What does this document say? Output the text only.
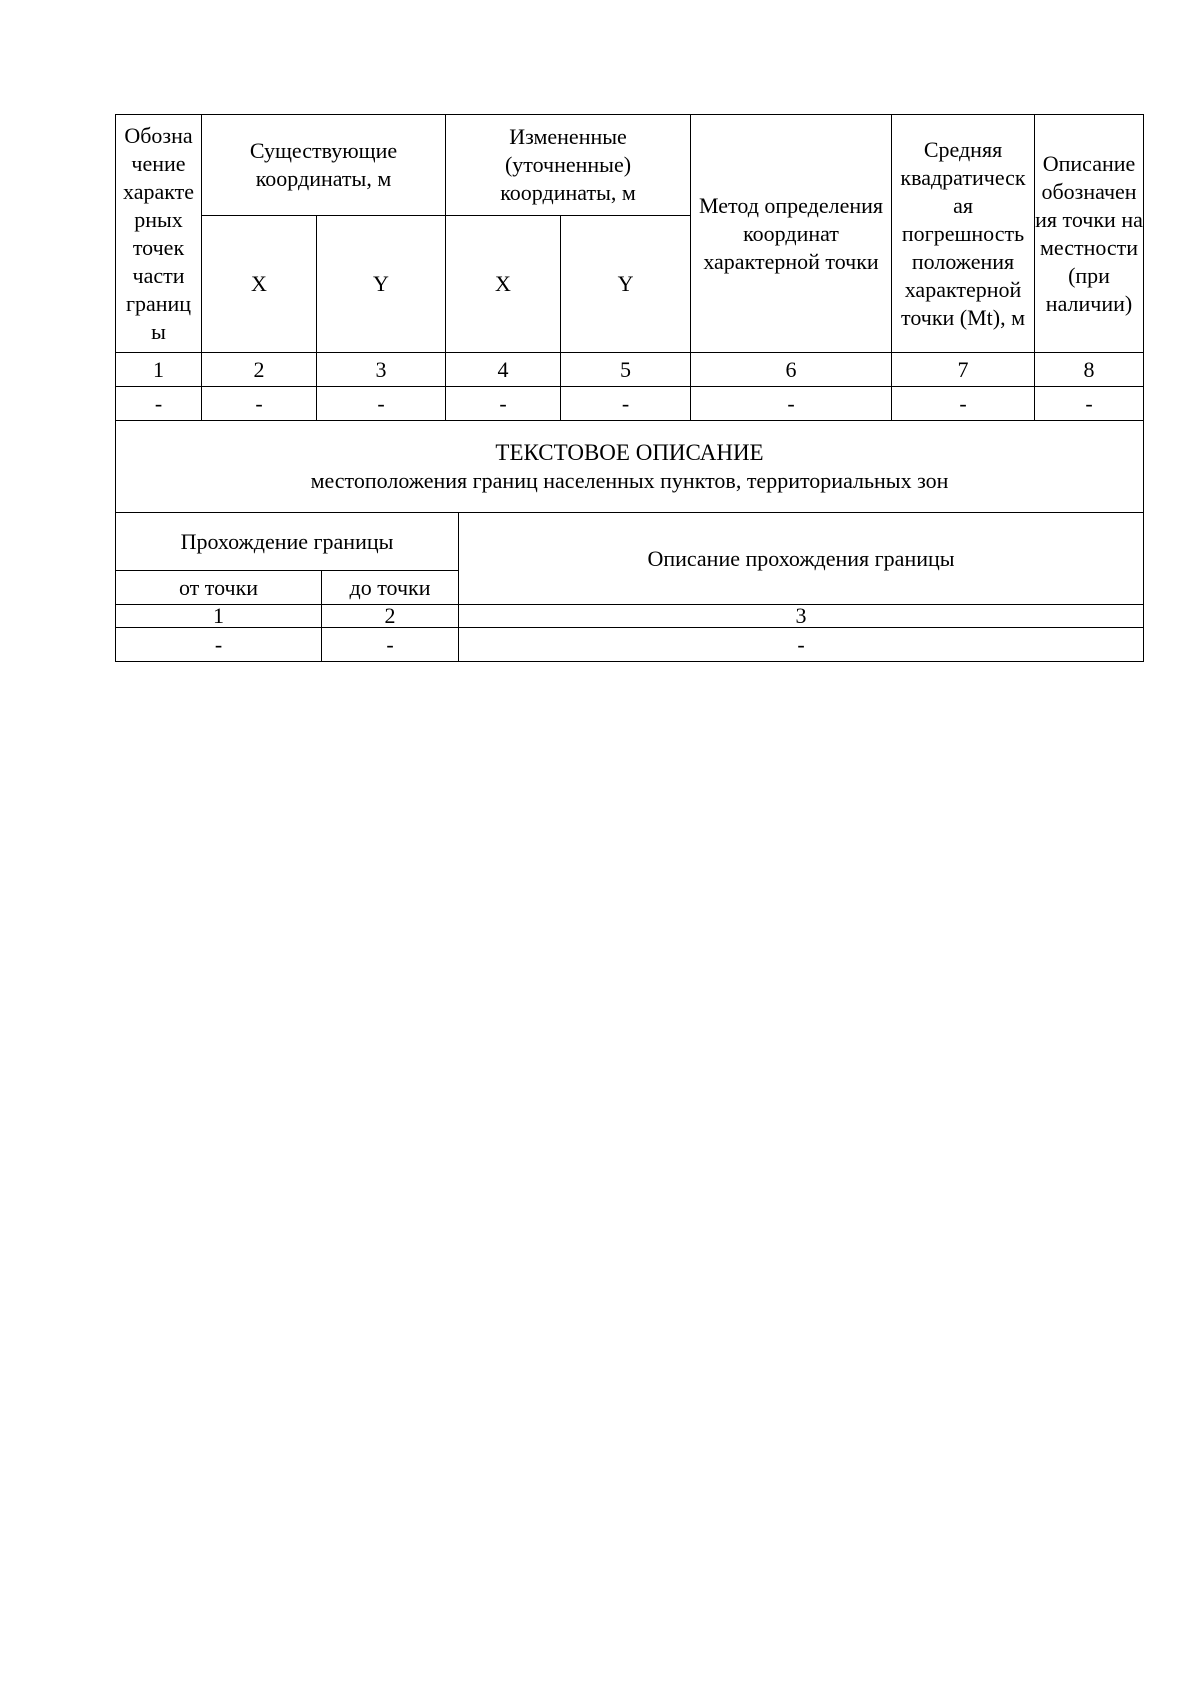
Обозна чение характе рных точек части границ ы	Существующие координаты, м		Измененные (уточненные) координаты, м		Метод определения координат характерной точки	Средняя квадратическ ая погрешность положения характерной точки (Mt), м	Описание обозначен ия точки на местности (при наличии)
	X	Y	X	Y			
1	2	3	4	5	6	7	8
-	-	-	-	-	-	-	-

ТЕКСТОВОЕ ОПИСАНИЕ
местоположения границ населенных пунктов, территориальных зон							
Прохождение границы		Описание прохождения границы
от точки	до точки	
1	2	3
-	-	-
